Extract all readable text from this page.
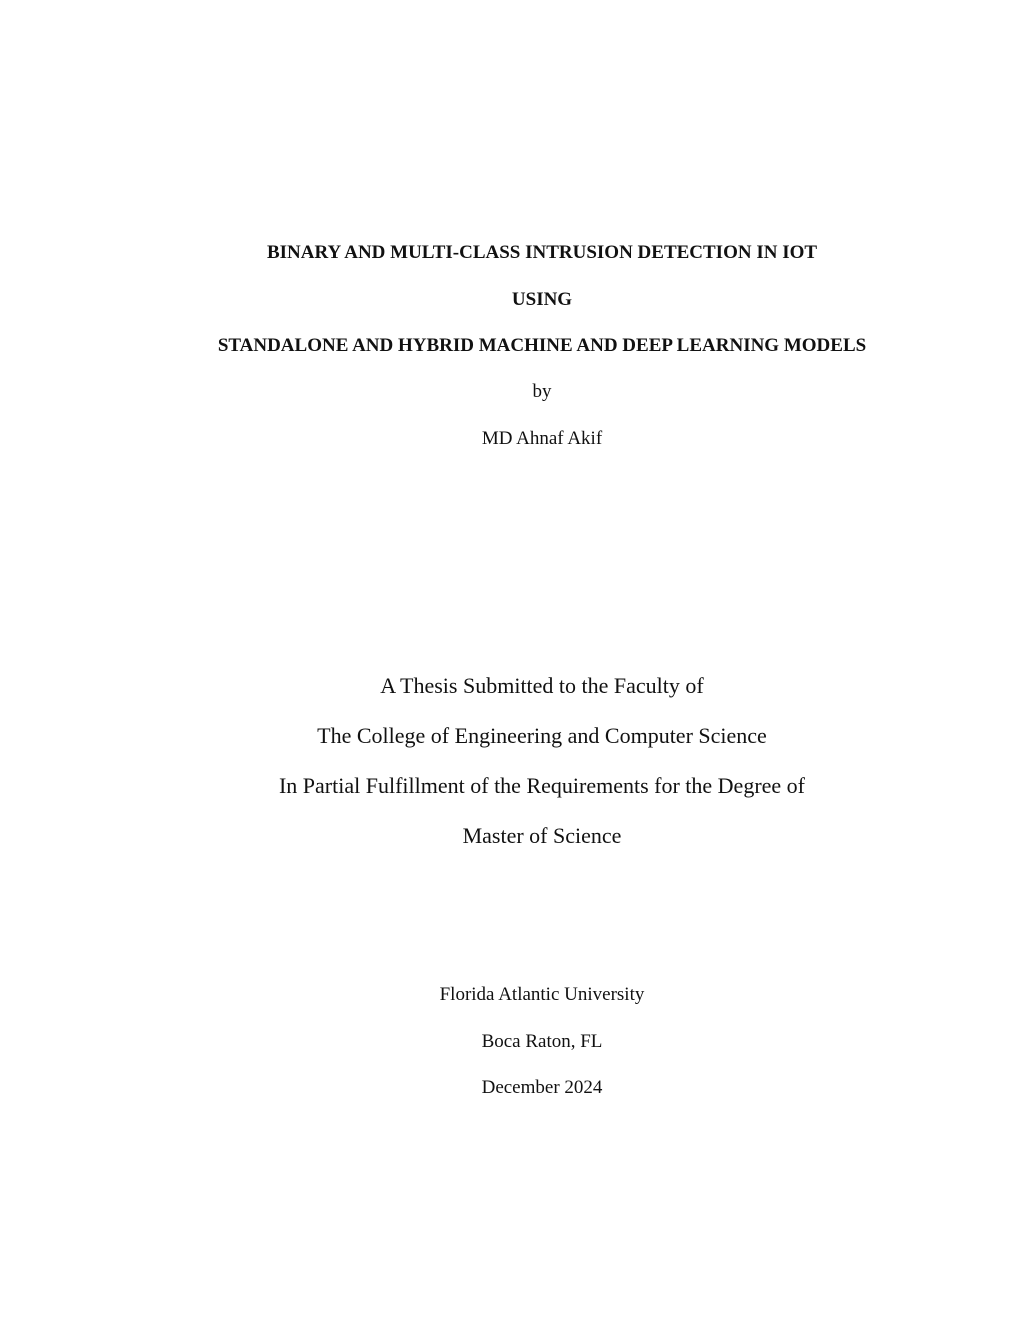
BINARY AND MULTI-CLASS INTRUSION DETECTION IN IOT
USING
STANDALONE AND HYBRID MACHINE AND DEEP LEARNING MODELS
by
MD Ahnaf Akif
A Thesis Submitted to the Faculty of
The College of Engineering and Computer Science
In Partial Fulfillment of the Requirements for the Degree of
Master of Science
Florida Atlantic University
Boca Raton, FL
December 2024
